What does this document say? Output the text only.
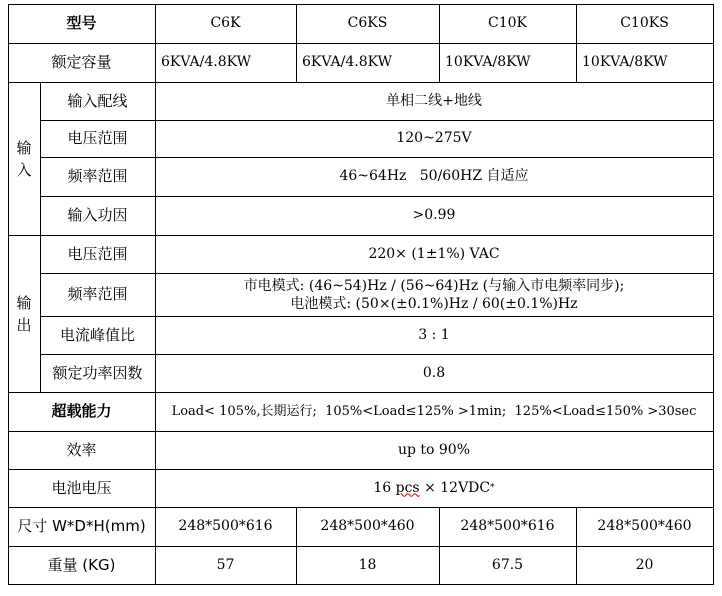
型号	C6K	C6KS	C10K	C10KS
额定容量	6KVA/4.8KW	6KVA/4.8KW	10KVA/8KW	10KVA/8KW
输
入
输入配线	单相二线+地线
电压范围	120~275V
频率范围	46~64Hz   50/60HZ 自适应
输入功因	>0.99
输
出
电压范围	220× (1±1%) VAC
频率范围	市电模式: (46~54)Hz / (56~64)Hz (与输入市电频率同步);
电池模式: (50×(±0.1%)Hz / 60(±0.1%)Hz
电流峰值比	3 : 1
额定功率因数	0.8
超载能力	Load< 105%,长期运行;  105%<Load≤125% >1min;  125%<Load≤150% >30sec
效率	up to 90%
电池电压	16 pcs × 12VDC *
尺寸 W*D*H(mm)	248*500*616	248*500*460	248*500*616	248*500*460
重量 (KG)	57	18	67.5	20
